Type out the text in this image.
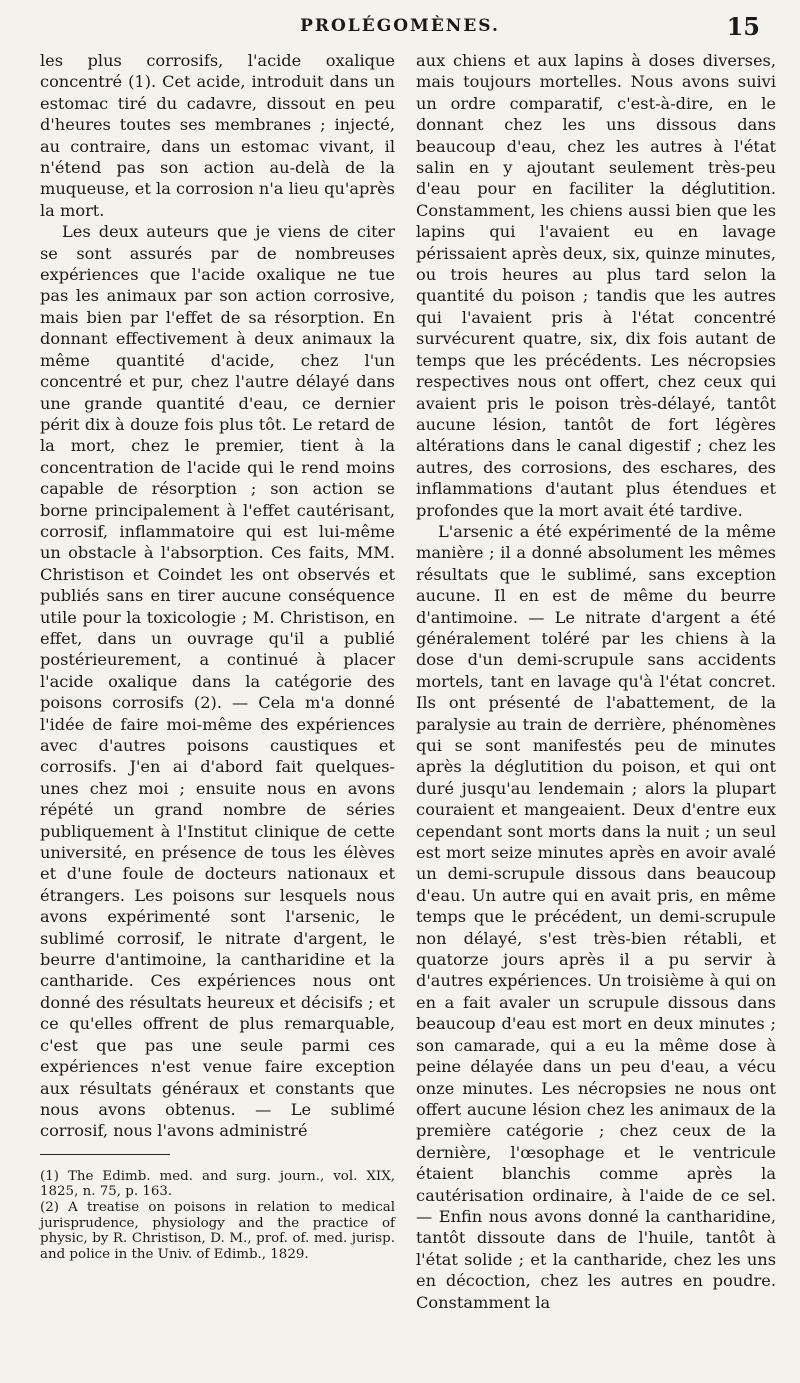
PROLÉGOMÈNES.	15

les plus corrosifs, l'acide oxalique concentré (1). Cet acide, introduit dans un estomac tiré du cadavre, dissout en peu d'heures toutes ses membranes ; injecté, au contraire, dans un estomac vivant, il n'étend pas son action au-delà de la muqueuse, et la corrosion n'a lieu qu'après la mort.

Les deux auteurs que je viens de citer se sont assurés par de nombreuses expériences que l'acide oxalique ne tue pas les animaux par son action corrosive, mais bien par l'effet de sa résorption. En donnant effectivement à deux animaux la même quantité d'acide, chez l'un concentré et pur, chez l'autre délayé dans une grande quantité d'eau, ce dernier périt dix à douze fois plus tôt. Le retard de la mort, chez le premier, tient à la concentration de l'acide qui le rend moins capable de résorption ; son action se borne principalement à l'effet cautérisant, corrosif, inflammatoire qui est lui-même un obstacle à l'absorption. Ces faits, MM. Christison et Coindet les ont observés et publiés sans en tirer aucune conséquence utile pour la toxicologie ; M. Christison, en effet, dans un ouvrage qu'il a publié postérieurement, a continué à placer l'acide oxalique dans la catégorie des poisons corrosifs (2). — Cela m'a donné l'idée de faire moi-même des expériences avec d'autres poisons caustiques et corrosifs. J'en ai d'abord fait quelques-unes chez moi ; ensuite nous en avons répété un grand nombre de séries publiquement à l'Institut clinique de cette université, en présence de tous les élèves et d'une foule de docteurs nationaux et étrangers. Les poisons sur lesquels nous avons expérimenté sont l'arsenic, le sublimé corrosif, le nitrate d'argent, le beurre d'antimoine, la cantharidine et la cantharide. Ces expériences nous ont donné des résultats heureux et décisifs ; et ce qu'elles offrent de plus remarquable, c'est que pas une seule parmi ces expériences n'est venue faire exception aux résultats généraux et constants que nous avons obtenus. — Le sublimé corrosif, nous l'avons administré

(1) The Edimb. med. and surg. journ., vol. XIX, 1825, n. 75, p. 163.

(2) A treatise on poisons in relation to medical jurisprudence, physiology and the practice of physic, by R. Christison, D. M., prof. of. med. jurisp. and police in the Univ. of Edimb., 1829.

aux chiens et aux lapins à doses diverses, mais toujours mortelles. Nous avons suivi un ordre comparatif, c'est-à-dire, en le donnant chez les uns dissous dans beaucoup d'eau, chez les autres à l'état salin en y ajoutant seulement très-peu d'eau pour en faciliter la déglutition. Constamment, les chiens aussi bien que les lapins qui l'avaient eu en lavage périssaient après deux, six, quinze minutes, ou trois heures au plus tard selon la quantité du poison ; tandis que les autres qui l'avaient pris à l'état concentré survécurent quatre, six, dix fois autant de temps que les précédents. Les nécropsies respectives nous ont offert, chez ceux qui avaient pris le poison très-délayé, tantôt aucune lésion, tantôt de fort légères altérations dans le canal digestif ; chez les autres, des corrosions, des eschares, des inflammations d'autant plus étendues et profondes que la mort avait été tardive.

L'arsenic a été expérimenté de la même manière ; il a donné absolument les mêmes résultats que le sublimé, sans exception aucune. Il en est de même du beurre d'antimoine. — Le nitrate d'argent a été généralement toléré par les chiens à la dose d'un demi-scrupule sans accidents mortels, tant en lavage qu'à l'état concret. Ils ont présenté de l'abattement, de la paralysie au train de derrière, phénomènes qui se sont manifestés peu de minutes après la déglutition du poison, et qui ont duré jusqu'au lendemain ; alors la plupart couraient et mangeaient. Deux d'entre eux cependant sont morts dans la nuit ; un seul est mort seize minutes après en avoir avalé un demi-scrupule dissous dans beaucoup d'eau. Un autre qui en avait pris, en même temps que le précédent, un demi-scrupule non délayé, s'est très-bien rétabli, et quatorze jours après il a pu servir à d'autres expériences. Un troisième à qui on en a fait avaler un scrupule dissous dans beaucoup d'eau est mort en deux minutes ; son camarade, qui a eu la même dose à peine délayée dans un peu d'eau, a vécu onze minutes. Les nécropsies ne nous ont offert aucune lésion chez les animaux de la première catégorie ; chez ceux de la dernière, l'œsophage et le ventricule étaient blanchis comme après la cautérisation ordinaire, à l'aide de ce sel. — Enfin nous avons donné la cantharidine, tantôt dissoute dans de l'huile, tantôt à l'état solide ; et la cantharide, chez les uns en décoction, chez les autres en poudre. Constamment la
